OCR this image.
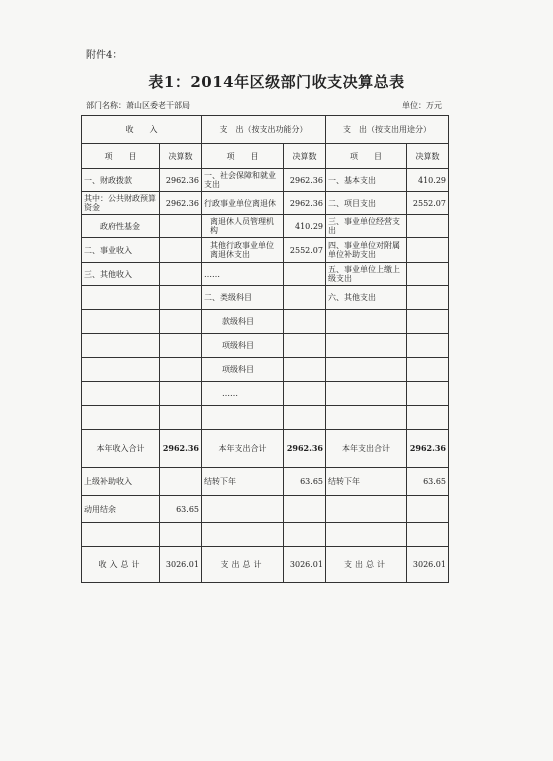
附件4：
表1：2014年区级部门收支决算总表
部门名称：萧山区委老干部局	单位：万元
收　　入		支　出（按支出功能分）		支　出（按支出用途分）	
项　　目	决算数	项　　目	决算数	项　　目	决算数
一、财政拨款	2962.36	一、社会保障和就业支出	2962.36	一、基本支出	410.29
其中：公共财政预算资金	2962.36	行政事业单位离退休	2962.36	二、项目支出	2552.07
　　政府性基金		离退休人员管理机构	410.29	三、事业单位经营支出	
二、事业收入		其他行政事业单位离退休支出	2552.07	四、事业单位对附属单位补助支出	
三、其他收入		……		五、事业单位上缴上级支出	
		二、类级科目		六、其他支出	
		款级科目			
		项级科目			
		项级科目			
		……			

本年收入合计	2962.36	本年支出合计	2962.36	本年支出合计	2962.36
上级补助收入		结转下年	63.65	结转下年	63.65
动用结余	63.65				

收入总计	3026.01	支出总计	3026.01	支出总计	3026.01
